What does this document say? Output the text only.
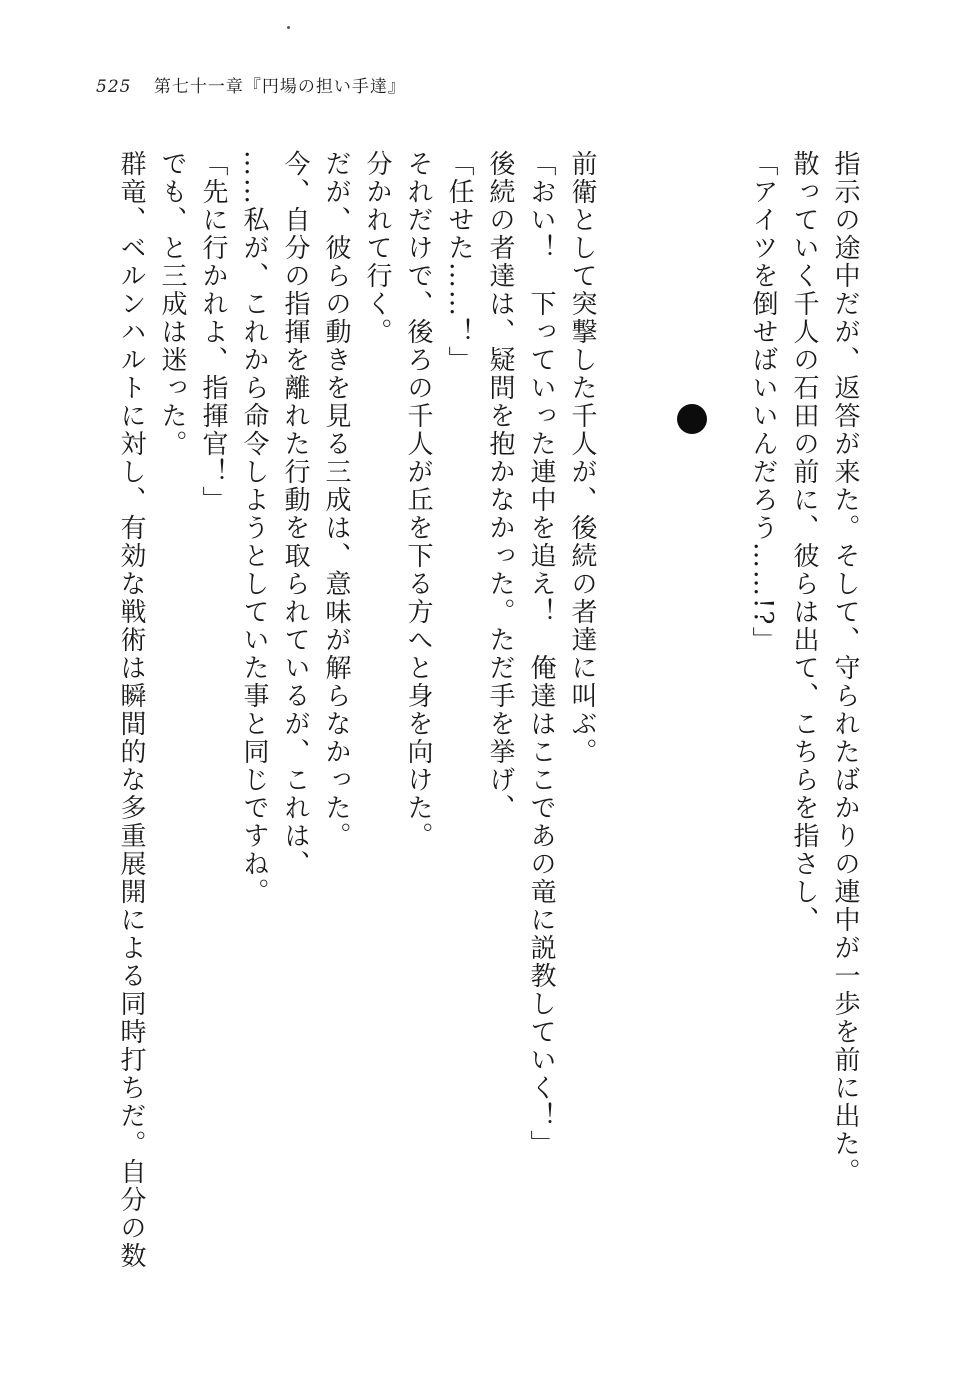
525 第七十一章『円場の担い手達』
指示の途中だが、返答が来た。そして、守られたばかりの連中が一歩を前に出た。
散っていく千人の石田の前に、彼らは出て、こちらを指さし、
「アイツを倒せばいいんだろう……!?」
前衛として突撃した千人が、後続の者達に叫ぶ。
「おい！　下っていった連中を追え！　俺達はここであの竜に説教していく！」
後続の者達は、疑問を抱かなかった。ただ手を挙げ、
「任せた……！」
それだけで、後ろの千人が丘を下る方へと身を向けた。
分かれて行く。
だが、彼らの動きを見る三成は、意味が解らなかった。
今、自分の指揮を離れた行動を取られているが、これは、
……私が、これから命令しようとしていた事と同じですね。
「先に行かれよ、指揮官！」
でも、と三成は迷った。
群竜、ベルンハルトに対し、有効な戦術は瞬間的な多重展開による同時打ちだ。自分の数
